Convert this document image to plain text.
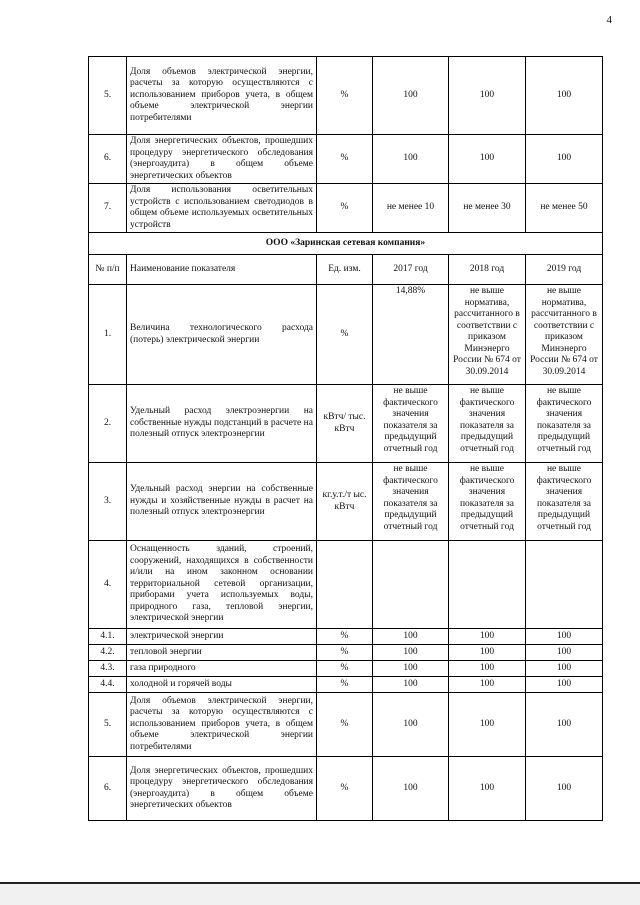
4
5.	Доля объемов электрической энергии, расчеты за которую осуществляются с использованием приборов учета, в общем объеме электрической энергии потребителями	%	100	100	100
6.	Доля энергетических объектов, прошедших процедуру энергетического обследования (энергоаудита) в общем объеме энергетических объектов	%	100	100	100
7.	Доля использования осветительных устройств с использованием светодиодов в общем объеме используемых осветительных устройств	%	не менее 10	не менее 30	не менее 50
ООО «Заринская сетевая компания»					
№ п/п	Наименование показателя	Ед. изм.	2017 год	2018 год	2019 год
1.	Величина технологического расхода (потерь) электрической энергии	%	14,88%	не выше норматива, рассчитанного в соответствии с приказом Минэнерго России № 674 от 30.09.2014	не выше норматива, рассчитанного в соответствии с приказом Минэнерго России № 674 от 30.09.2014
2.	Удельный расход электроэнергии на собственные нужды подстанций в расчете на полезный отпуск электроэнергии	кВтч/ тыс. кВтч	не выше фактического значения показателя за предыдущий отчетный год	не выше фактического значения показателя за предыдущий отчетный год	не выше фактического значения показателя за предыдущий отчетный год
3.	Удельный расход энергии на собственные нужды и хозяйственные нужды в расчет на полезный отпуск электроэнергии	кг.у.т./т ыс. кВтч	не выше фактического значения показателя за предыдущий отчетный год	не выше фактического значения показателя за предыдущий отчетный год	не выше фактического значения показателя за предыдущий отчетный год
4.	Оснащенность зданий, строений, сооружений, находящихся в собственности и/или на ином законном основании территориальной сетевой организации, приборами учета используемых воды, природного газа, тепловой энергии, электрической энергии				
4.1.	электрической энергии	%	100	100	100
4.2.	тепловой энергии	%	100	100	100
4.3.	газа природного	%	100	100	100
4.4.	холодной и горячей воды	%	100	100	100
5.	Доля объемов электрической энергии, расчеты за которую осуществляются с использованием приборов учета, в общем объеме электрической энергии потребителями	%	100	100	100
6.	Доля энергетических объектов, прошедших процедуру энергетического обследования (энергоаудита) в общем объеме энергетических объектов	%	100	100	100
